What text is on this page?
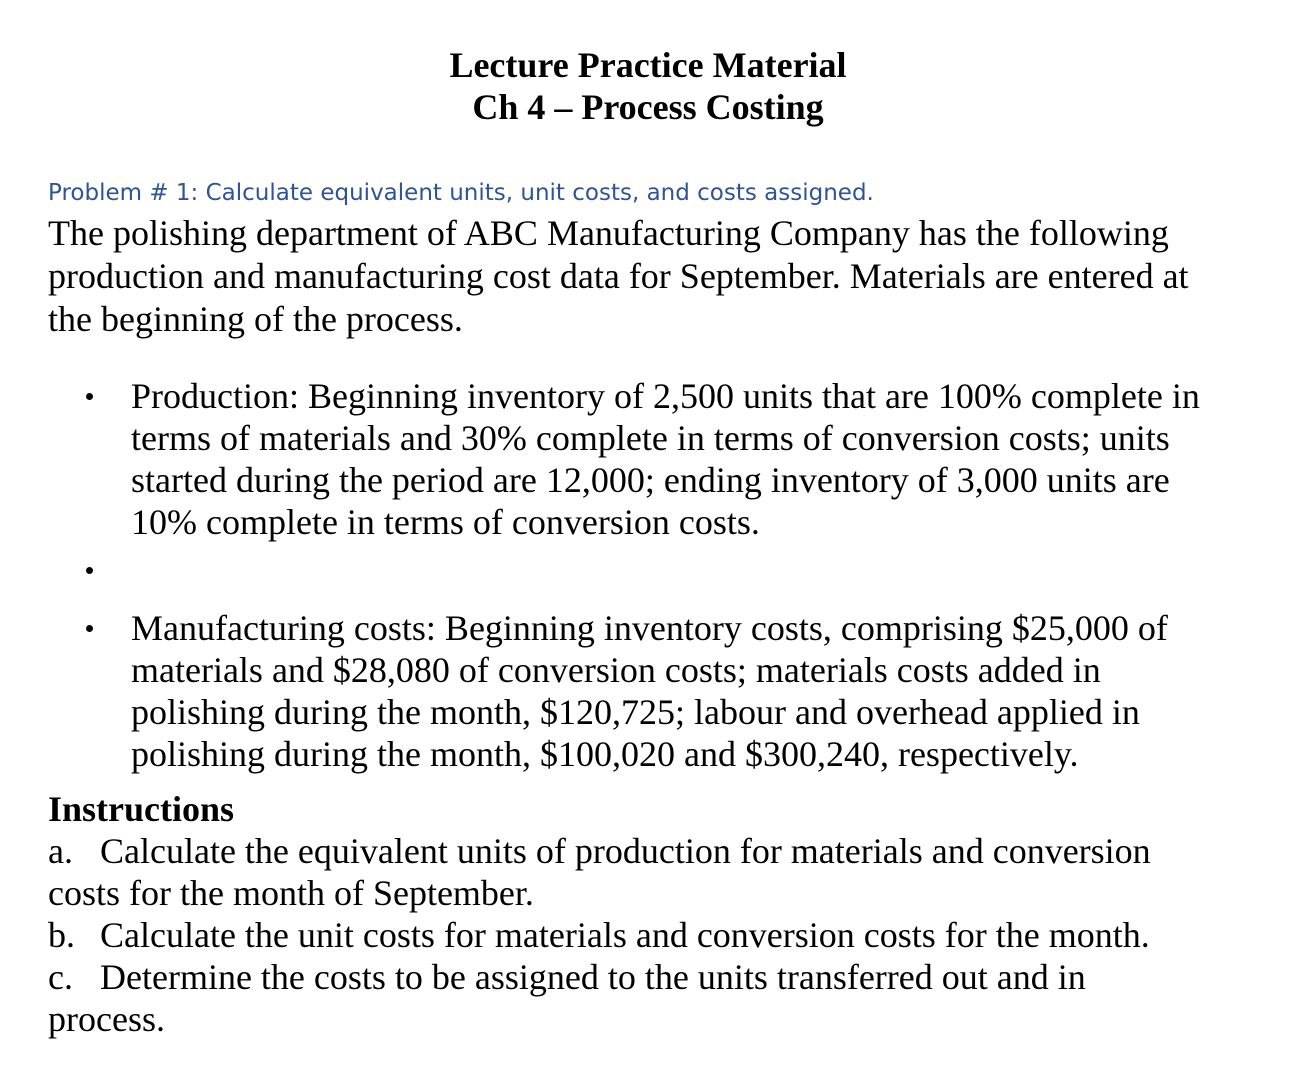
Lecture Practice Material
Ch 4 – Process Costing
Problem # 1: Calculate equivalent units, unit costs, and costs assigned.
The polishing department of ABC Manufacturing Company has the following
production and manufacturing cost data for September. Materials are entered at
the beginning of the process.
Production: Beginning inventory of 2,500 units that are 100% complete in
terms of materials and 30% complete in terms of conversion costs; units
started during the period are 12,000; ending inventory of 3,000 units are
10% complete in terms of conversion costs.
Manufacturing costs: Beginning inventory costs, comprising $25,000 of
materials and $28,080 of conversion costs; materials costs added in
polishing during the month, $120,725; labour and overhead applied in
polishing during the month, $100,020 and $300,240, respectively.
Instructions
a. Calculate the equivalent units of production for materials and conversion
costs for the month of September.
b. Calculate the unit costs for materials and conversion costs for the month.
c. Determine the costs to be assigned to the units transferred out and in
process.
